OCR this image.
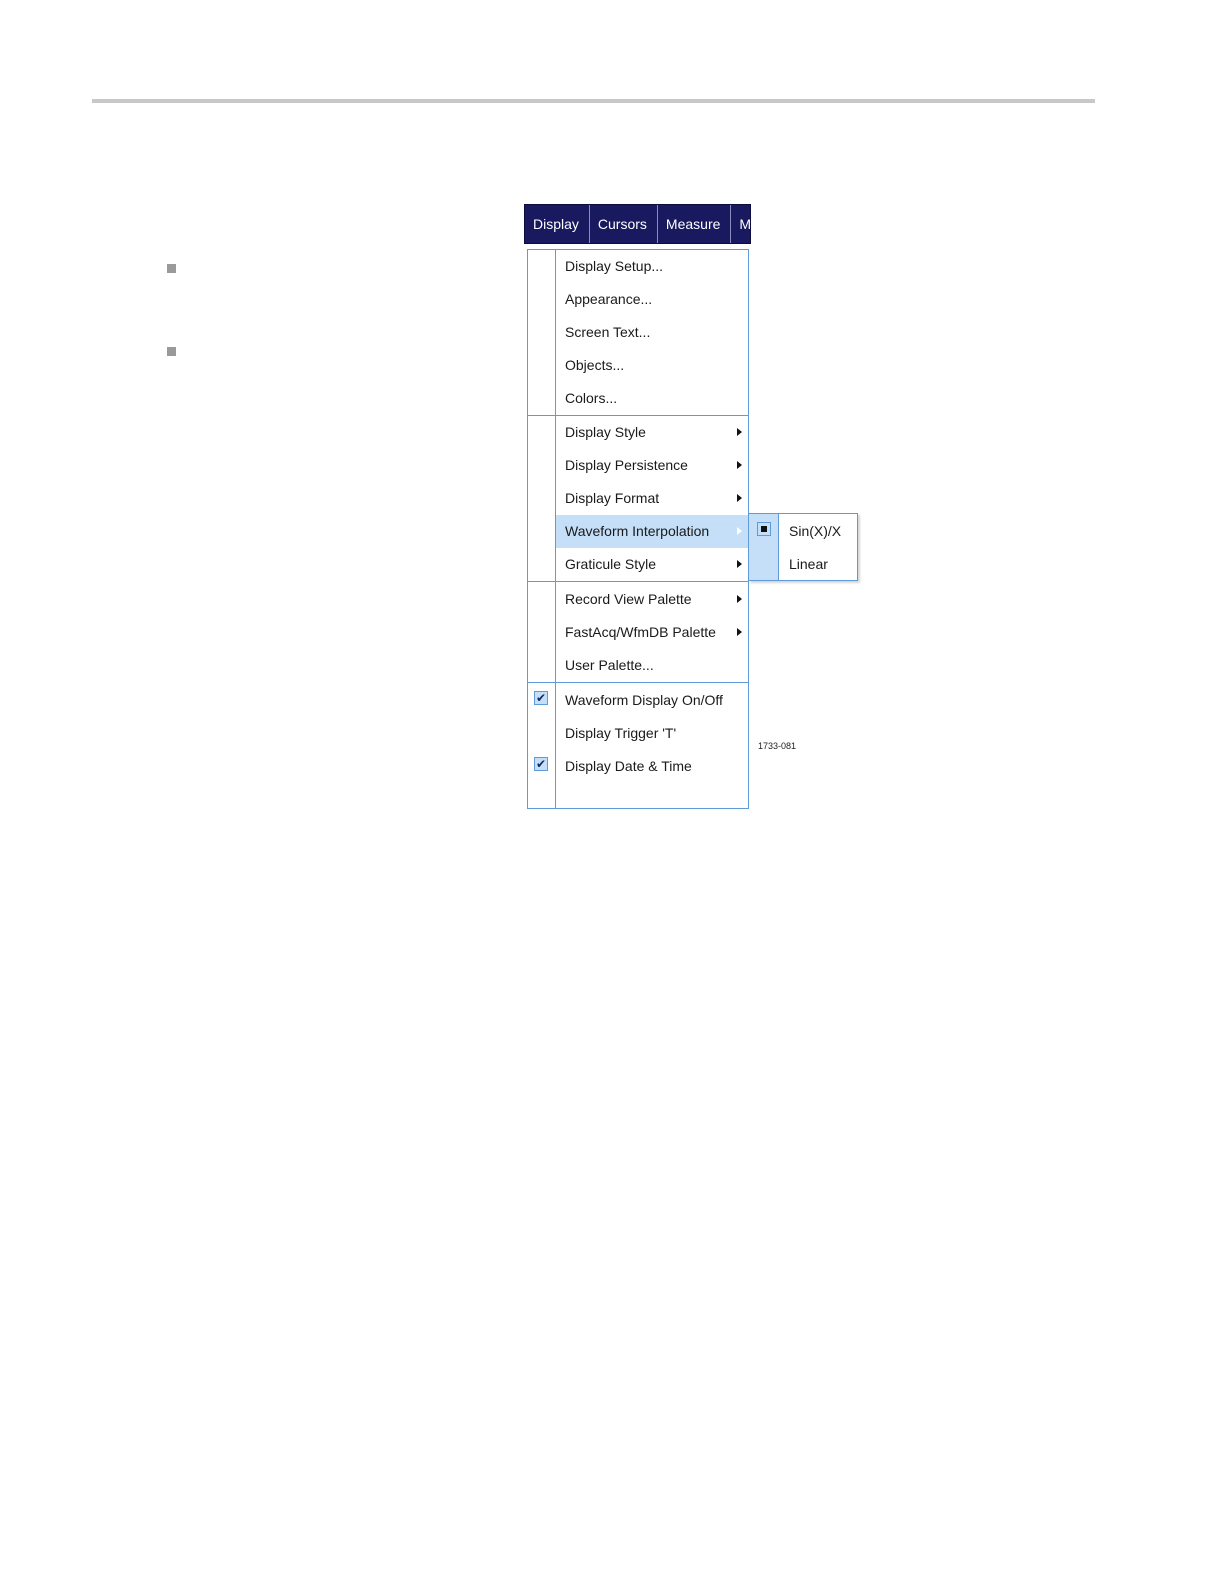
Display	Cursors	Measure	M
Display Setup...
Appearance...
Screen Text...
Objects...
Colors...
Display Style
Display Persistence
Display Format
Waveform Interpolation
Graticule Style
Record View Palette
FastAcq/WfmDB Palette
User Palette...
✔	Waveform Display On/Off
Display Trigger 'T'
✔	Display Date & Time
Sin(X)/X
Linear
1733-081
